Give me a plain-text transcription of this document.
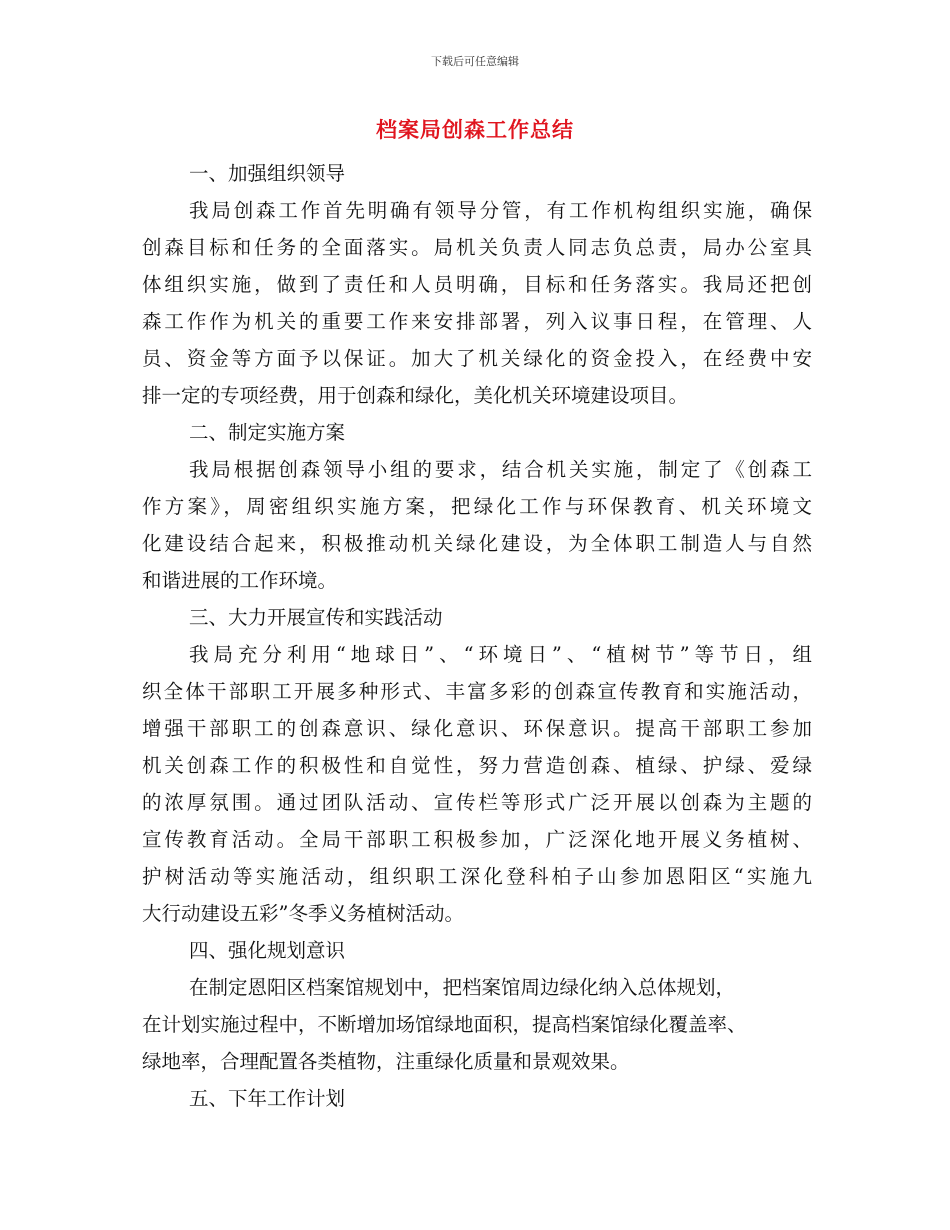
下载后可任意编辑
档案局创森工作总结
一、加强组织领导
我局创森工作首先明确有领导分管，有工作机构组织实施，确保
创森目标和任务的全面落实。局机关负责人同志负总责，局办公室具
体组织实施，做到了责任和人员明确，目标和任务落实。我局还把创
森工作作为机关的重要工作来安排部署，列入议事日程，在管理、人
员、资金等方面予以保证。加大了机关绿化的资金投入，在经费中安
排一定的专项经费，用于创森和绿化，美化机关环境建设项目。
二、制定实施方案
我局根据创森领导小组的要求，结合机关实施，制定了《创森工
作方案》，周密组织实施方案，把绿化工作与环保教育、机关环境文
化建设结合起来，积极推动机关绿化建设，为全体职工制造人与自然
和谐进展的工作环境。
三、大力开展宣传和实践活动
我局充分利用“地球日”、“环境日”、“植树节”等节日，组
织全体干部职工开展多种形式、丰富多彩的创森宣传教育和实施活动，
增强干部职工的创森意识、绿化意识、环保意识。提高干部职工参加
机关创森工作的积极性和自觉性，努力营造创森、植绿、护绿、爱绿
的浓厚氛围。通过团队活动、宣传栏等形式广泛开展以创森为主题的
宣传教育活动。全局干部职工积极参加，广泛深化地开展义务植树、
护树活动等实施活动，组织职工深化登科柏子山参加恩阳区“实施九
大行动建设五彩”冬季义务植树活动。
四、强化规划意识
在制定恩阳区档案馆规划中，把档案馆周边绿化纳入总体规划，
在计划实施过程中，不断增加场馆绿地面积，提高档案馆绿化覆盖率、
绿地率，合理配置各类植物，注重绿化质量和景观效果。
五、下年工作计划
